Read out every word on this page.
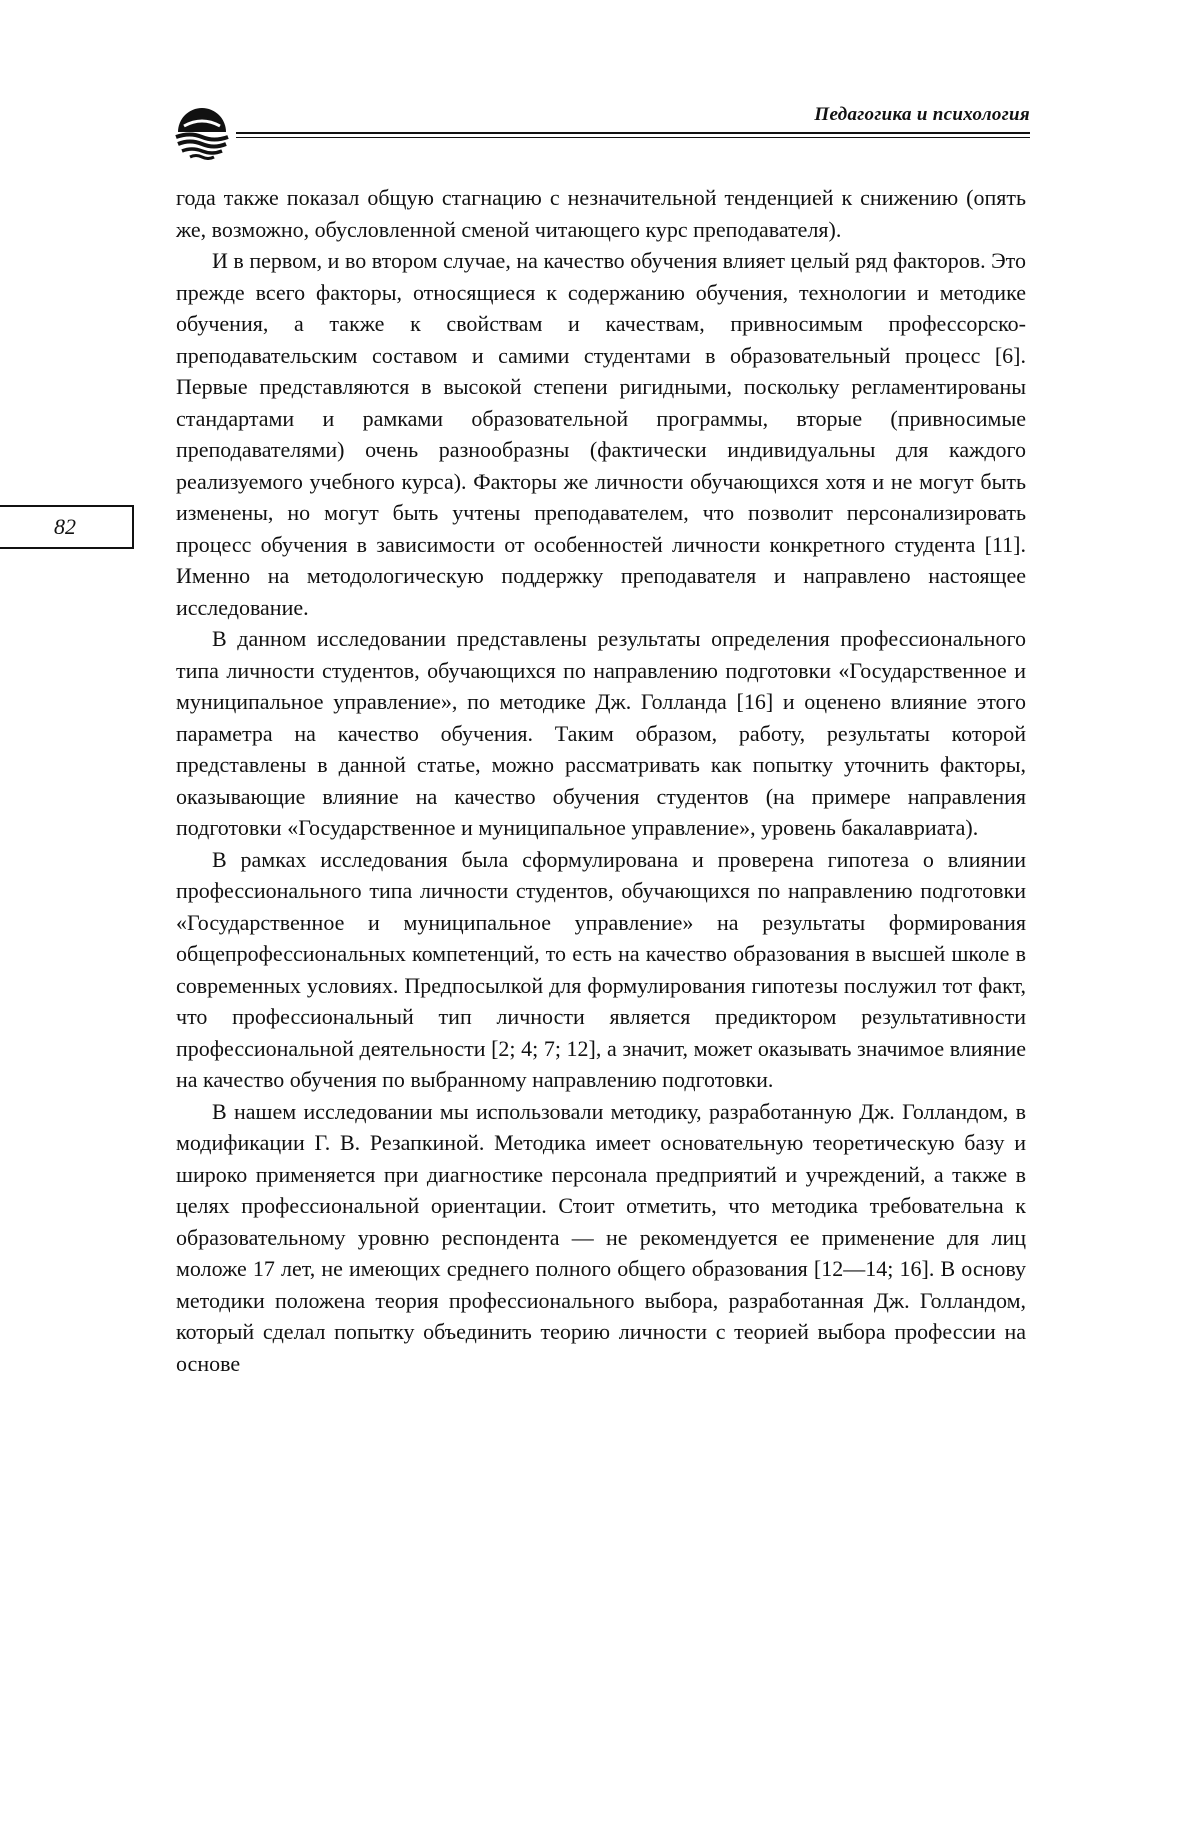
Педагогика и психология
82

года также показал общую стагнацию с незначительной тенденцией к снижению (опять же, возможно, обусловленной сменой читающего курс преподавателя).

И в первом, и во втором случае, на качество обучения влияет целый ряд факторов. Это прежде всего факторы, относящиеся к содержанию обучения, технологии и методике обучения, а также к свойствам и качествам, привносимым профессорско-преподавательским составом и самими студентами в образовательный процесс [6]. Первые представляются в высокой степени ригидными, поскольку регламентированы стандартами и рамками образовательной программы, вторые (привносимые преподавателями) очень разнообразны (фактически индивидуальны для каждого реализуемого учебного курса). Факторы же личности обучающихся хотя и не могут быть изменены, но могут быть учтены преподавателем, что позволит персонализировать процесс обучения в зависимости от особенностей личности конкретного студента [11]. Именно на методологическую поддержку преподавателя и направлено настоящее исследование.

В данном исследовании представлены результаты определения профессионального типа личности студентов, обучающихся по направлению подготовки «Государственное и муниципальное управление», по методике Дж. Голланда [16] и оценено влияние этого параметра на качество обучения. Таким образом, работу, результаты которой представлены в данной статье, можно рассматривать как попытку уточнить факторы, оказывающие влияние на качество обучения студентов (на примере направления подготовки «Государственное и муниципальное управление», уровень бакалавриата).

В рамках исследования была сформулирована и проверена гипотеза о влиянии профессионального типа личности студентов, обучающихся по направлению подготовки «Государственное и муниципальное управление» на результаты формирования общепрофессиональных компетенций, то есть на качество образования в высшей школе в современных условиях. Предпосылкой для формулирования гипотезы послужил тот факт, что профессиональный тип личности является предиктором результативности профессиональной деятельности [2; 4; 7; 12], а значит, может оказывать значимое влияние на качество обучения по выбранному направлению подготовки.

В нашем исследовании мы использовали методику, разработанную Дж. Голландом, в модификации Г. В. Резапкиной. Методика имеет основательную теоретическую базу и широко применяется при диагностике персонала предприятий и учреждений, а также в целях профессиональной ориентации. Стоит отметить, что методика требовательна к образовательному уровню респондента — не рекомендуется ее применение для лиц моложе 17 лет, не имеющих среднего полного общего образования [12—14; 16]. В основу методики положена теория профессионального выбора, разработанная Дж. Голландом, который сделал попытку объединить теорию личности с теорией выбора профессии на основе
